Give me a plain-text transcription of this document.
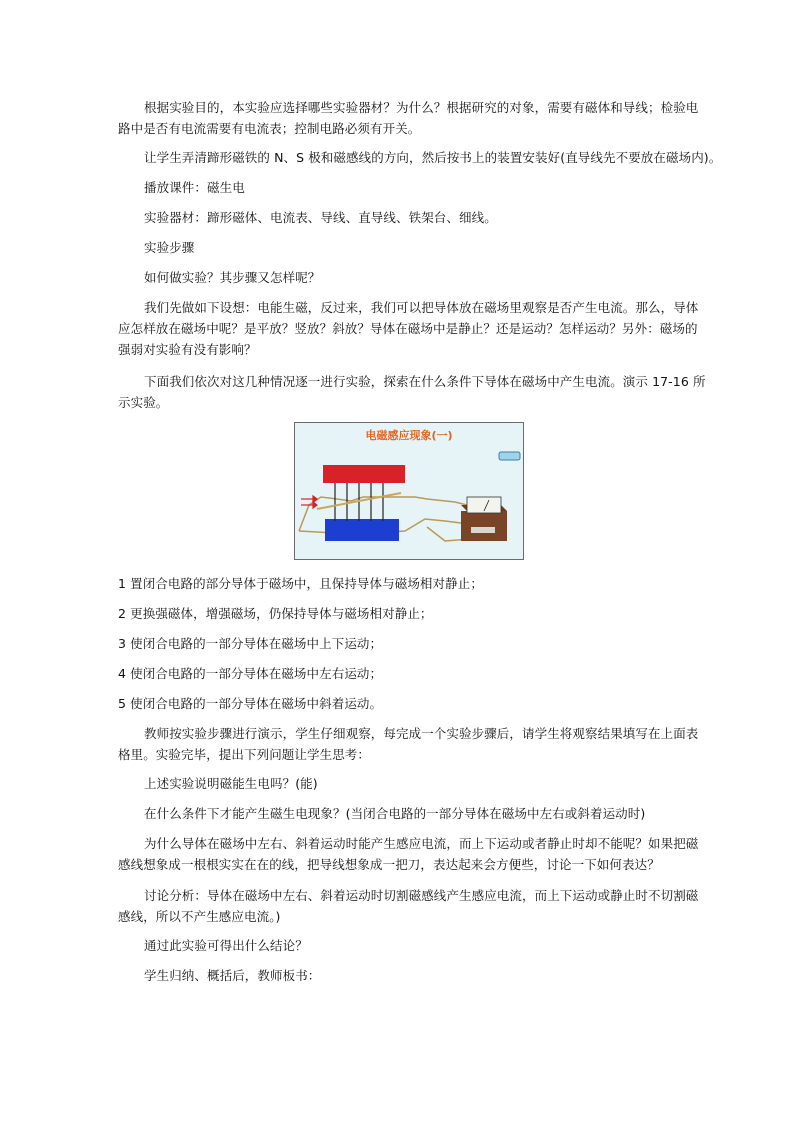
根据实验目的，本实验应选择哪些实验器材？为什么？根据研究的对象，需要有磁体和导线；检验电
路中是否有电流需要有电流表；控制电路必须有开关。
让学生弄清蹄形磁铁的 N、S 极和磁感线的方向，然后按书上的装置安装好(直导线先不要放在磁场内)。
播放课件：磁生电
实验器材：蹄形磁体、电流表、导线、直导线、铁架台、细线。
实验步骤
如何做实验？其步骤又怎样呢？
我们先做如下设想：电能生磁，反过来，我们可以把导体放在磁场里观察是否产生电流。那么，导体
应怎样放在磁场中呢？是平放？竖放？斜放？导体在磁场中是静止？还是运动？怎样运动？另外：磁场的
强弱对实验有没有影响？
下面我们依次对这几种情况逐一进行实验，探索在什么条件下导体在磁场中产生电流。演示 17-16 所
示实验。
电磁感应现象(一)
1 置闭合电路的部分导体于磁场中，且保持导体与磁场相对静止；
2 更换强磁体，增强磁场，仍保持导体与磁场相对静止；
3 使闭合电路的一部分导体在磁场中上下运动；
4 使闭合电路的一部分导体在磁场中左右运动；
5 使闭合电路的一部分导体在磁场中斜着运动。
教师按实验步骤进行演示，学生仔细观察，每完成一个实验步骤后，请学生将观察结果填写在上面表
格里。实验完毕，提出下列问题让学生思考：
上述实验说明磁能生电吗？(能)
在什么条件下才能产生磁生电现象？(当闭合电路的一部分导体在磁场中左右或斜着运动时)
为什么导体在磁场中左右、斜着运动时能产生感应电流，而上下运动或者静止时却不能呢？如果把磁
感线想象成一根根实实在在的线，把导线想象成一把刀，表达起来会方便些，讨论一下如何表达？
讨论分析：导体在磁场中左右、斜着运动时切割磁感线产生感应电流，而上下运动或静止时不切割磁
感线，所以不产生感应电流。)
通过此实验可得出什么结论？
学生归纳、概括后，教师板书：
